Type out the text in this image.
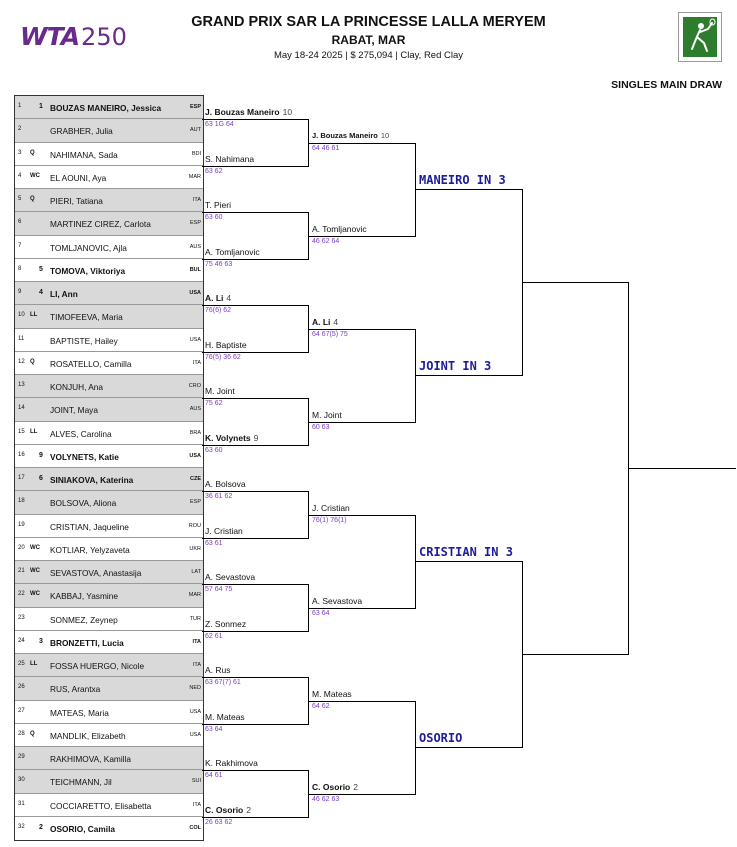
WTA250
GRAND PRIX SAR LA PRINCESSE LALLA MERYEM
RABAT, MAR
May 18-24 2025 | $ 275,094 | Clay, Red Clay
SINGLES MAIN DRAW
1	1 BOUZAS MANEIRO, Jessica	ESP
2	GRABHER, Julia	AUT
3 Q NAHIMANA, Sada	BDI
4 WC EL AOUNI, Aya	MAR
5 Q PIERI, Tatiana	ITA
6	MARTINEZ CIREZ, Carlota	ESP
7	TOMLJANOVIC, Ajla	AUS
8	5 TOMOVA, Viktoriya	BUL
9	4 LI, Ann	USA
10 LL TIMOFEEVA, Maria
11	BAPTISTE, Hailey	USA
12 Q ROSATELLO, Camilla	ITA
13	KONJUH, Ana	CRO
14	JOINT, Maya	AUS
15 LL ALVES, Carolina	BRA
16 9 VOLYNETS, Katie	USA
17 6 SINIAKOVA, Katerina	CZE
18	BOLSOVA, Aliona	ESP
19	CRISTIAN, Jaqueline	ROU
20 WC KOTLIAR, Yelyzaveta	UKR
21 WC SEVASTOVA, Anastasija	LAT
22 WC KABBAJ, Yasmine	MAR
23	SONMEZ, Zeynep	TUR
24 3 BRONZETTI, Lucia	ITA
25 LL FOSSA HUERGO, Nicole	ITA
26	RUS, Arantxa	NED
27	MATEAS, Maria	USA
28 Q MANDLIK, Elizabeth	USA
29	RAKHIMOVA, Kamilla
30	TEICHMANN, Jil	SUI
31	COCCIARETTO, Elisabetta	ITA
32 2 OSORIO, Camila	COL
J. Bouzas Maneiro 10
63 1G 64
S. Nahimana
63 62
T. Pieri
63 60
A. Tomljanovic
75 46 63
A. Li 4
76(6) 62
H. Baptiste
76(5) 36 62
M. Joint
75 62
K. Volynets 9
63 60
A. Bolsova
36 61 62
J. Cristian
63 61
A. Sevastova
57 64 75
Z. Sonmez
62 61
A. Rus
63 67(7) 61
M. Mateas
63 64
K. Rakhimova
64 61
C. Osorio 2
26 63 62
J. Bouzas Maneiro 10
64 46 61
A. Tomljanovic
46 62 64
A. Li 4
64 67(5) 75
M. Joint
60 63
J. Cristian
76(1) 76(1)
A. Sevastova
63 64
M. Mateas
64 62
C. Osorio 2
46 62 63
MANEIRO IN 3
JOINT IN 3
CRISTIAN IN 3
OSORIO
